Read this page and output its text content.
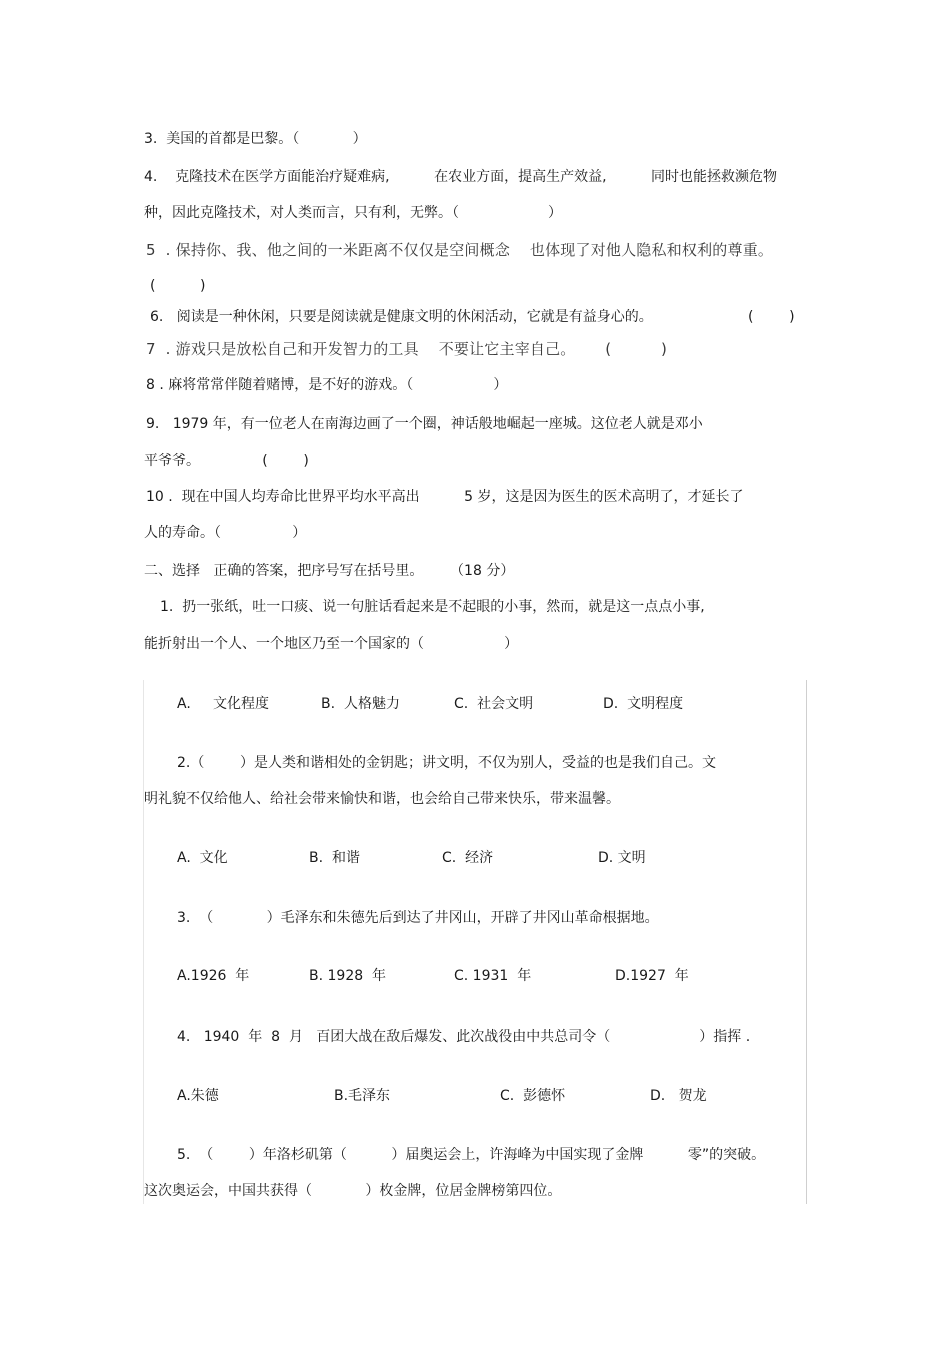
3.  美国的首都是巴黎。（            ）
4.    克隆技术在医学方面能治疗疑难病,          在农业方面，提高生产效益,          同时也能拯救濒危物
种，因此克隆技术，对人类而言，只有利，无弊。（                    ）
5  . 保持你、我、他之间的一米距离不仅仅是空间概念    也体现了对他人隐私和权利的尊重。
(          )
6.   阅读是一种休闲，只要是阅读就是健康文明的休闲活动，它就是有益身心的。	(        )
7  . 游戏只是放松自己和开发智力的工具    不要让它主宰自己。      (          )
8 . 麻将常常伴随着赌博，是不好的游戏。（                  ）
9.   1979 年，有一位老人在南海边画了一个圈，神话般地崛起一座城。这位老人就是邓小
平爷爷。              (        )
10 .  现在中国人均寿命比世界平均水平高出          5 岁，这是因为医生的医术高明了，才延长了
人的寿命。（                ）
二、选择   正确的答案，把序号写在括号里。      （18 分）
1.  扔一张纸，吐一口痰、说一句脏话看起来是不起眼的小事，然而，就是这一点点小事,
能折射出一个人、一个地区乃至一个国家的（                  ）
A.     文化程度	B.  人格魅力	C.  社会文明	D.  文明程度
2.（        ）是人类和谐相处的金钥匙；讲文明，不仅为别人，受益的也是我们自己。文
明礼貌不仅给他人、给社会带来愉快和谐，也会给自己带来快乐，带来温馨。
A.  文化	B.  和谐	C.  经济	D. 文明
3.  （            ）毛泽东和朱德先后到达了井冈山，开辟了井冈山革命根据地。
A.1926  年	B. 1928  年	C. 1931  年	D.1927  年
4.   1940  年  8  月   百团大战在敌后爆发、此次战役由中共总司令（                    ）指挥 .
A.朱德	B.毛泽东	C.  彭德怀	D.   贺龙
5.  （        ）年洛杉矶第（          ）届奥运会上，许海峰为中国实现了金牌          零”的突破。
这次奥运会，中国共获得（            ）枚金牌，位居金牌榜第四位。
